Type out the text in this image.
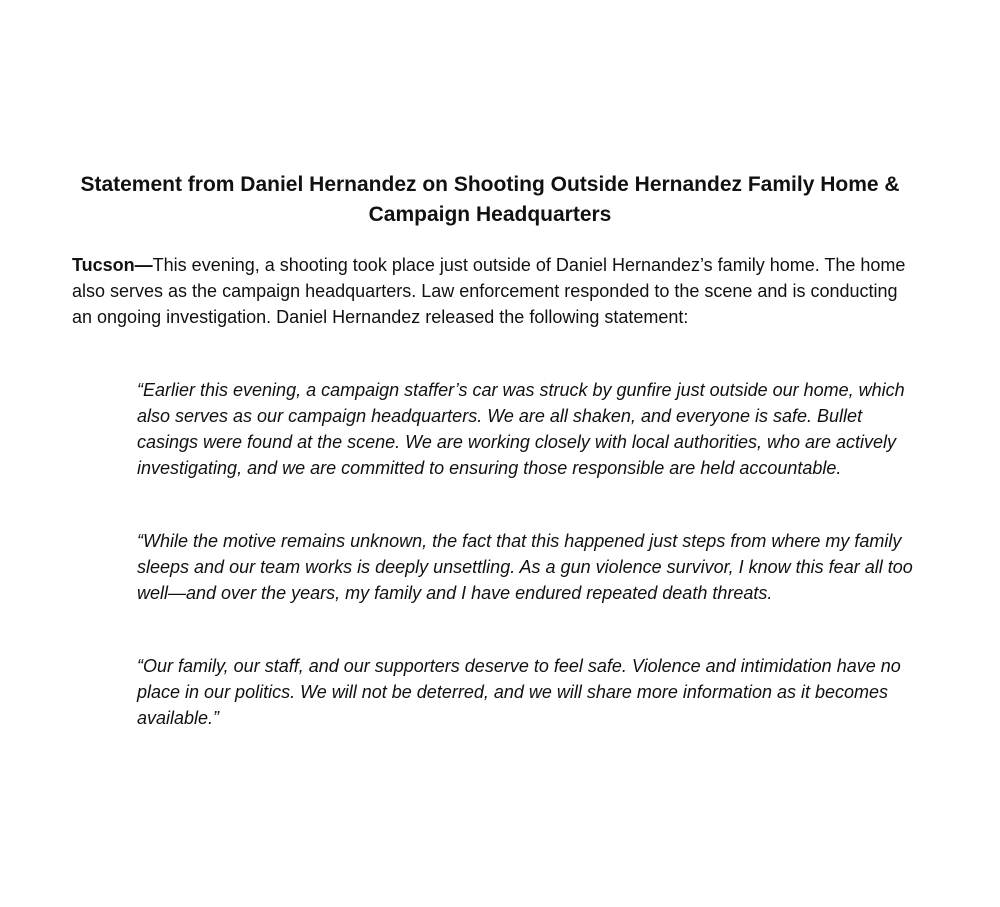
Statement from Daniel Hernandez on Shooting Outside Hernandez Family Home & Campaign Headquarters

Tucson—This evening, a shooting took place just outside of Daniel Hernandez’s family home. The home also serves as the campaign headquarters. Law enforcement responded to the scene and is conducting an ongoing investigation. Daniel Hernandez released the following statement:

“Earlier this evening, a campaign staffer’s car was struck by gunfire just outside our home, which also serves as our campaign headquarters. We are all shaken, and everyone is safe. Bullet casings were found at the scene. We are working closely with local authorities, who are actively investigating, and we are committed to ensuring those responsible are held accountable.

“While the motive remains unknown, the fact that this happened just steps from where my family sleeps and our team works is deeply unsettling. As a gun violence survivor, I know this fear all too well—and over the years, my family and I have endured repeated death threats.

“Our family, our staff, and our supporters deserve to feel safe. Violence and intimidation have no place in our politics. We will not be deterred, and we will share more information as it becomes available.”
